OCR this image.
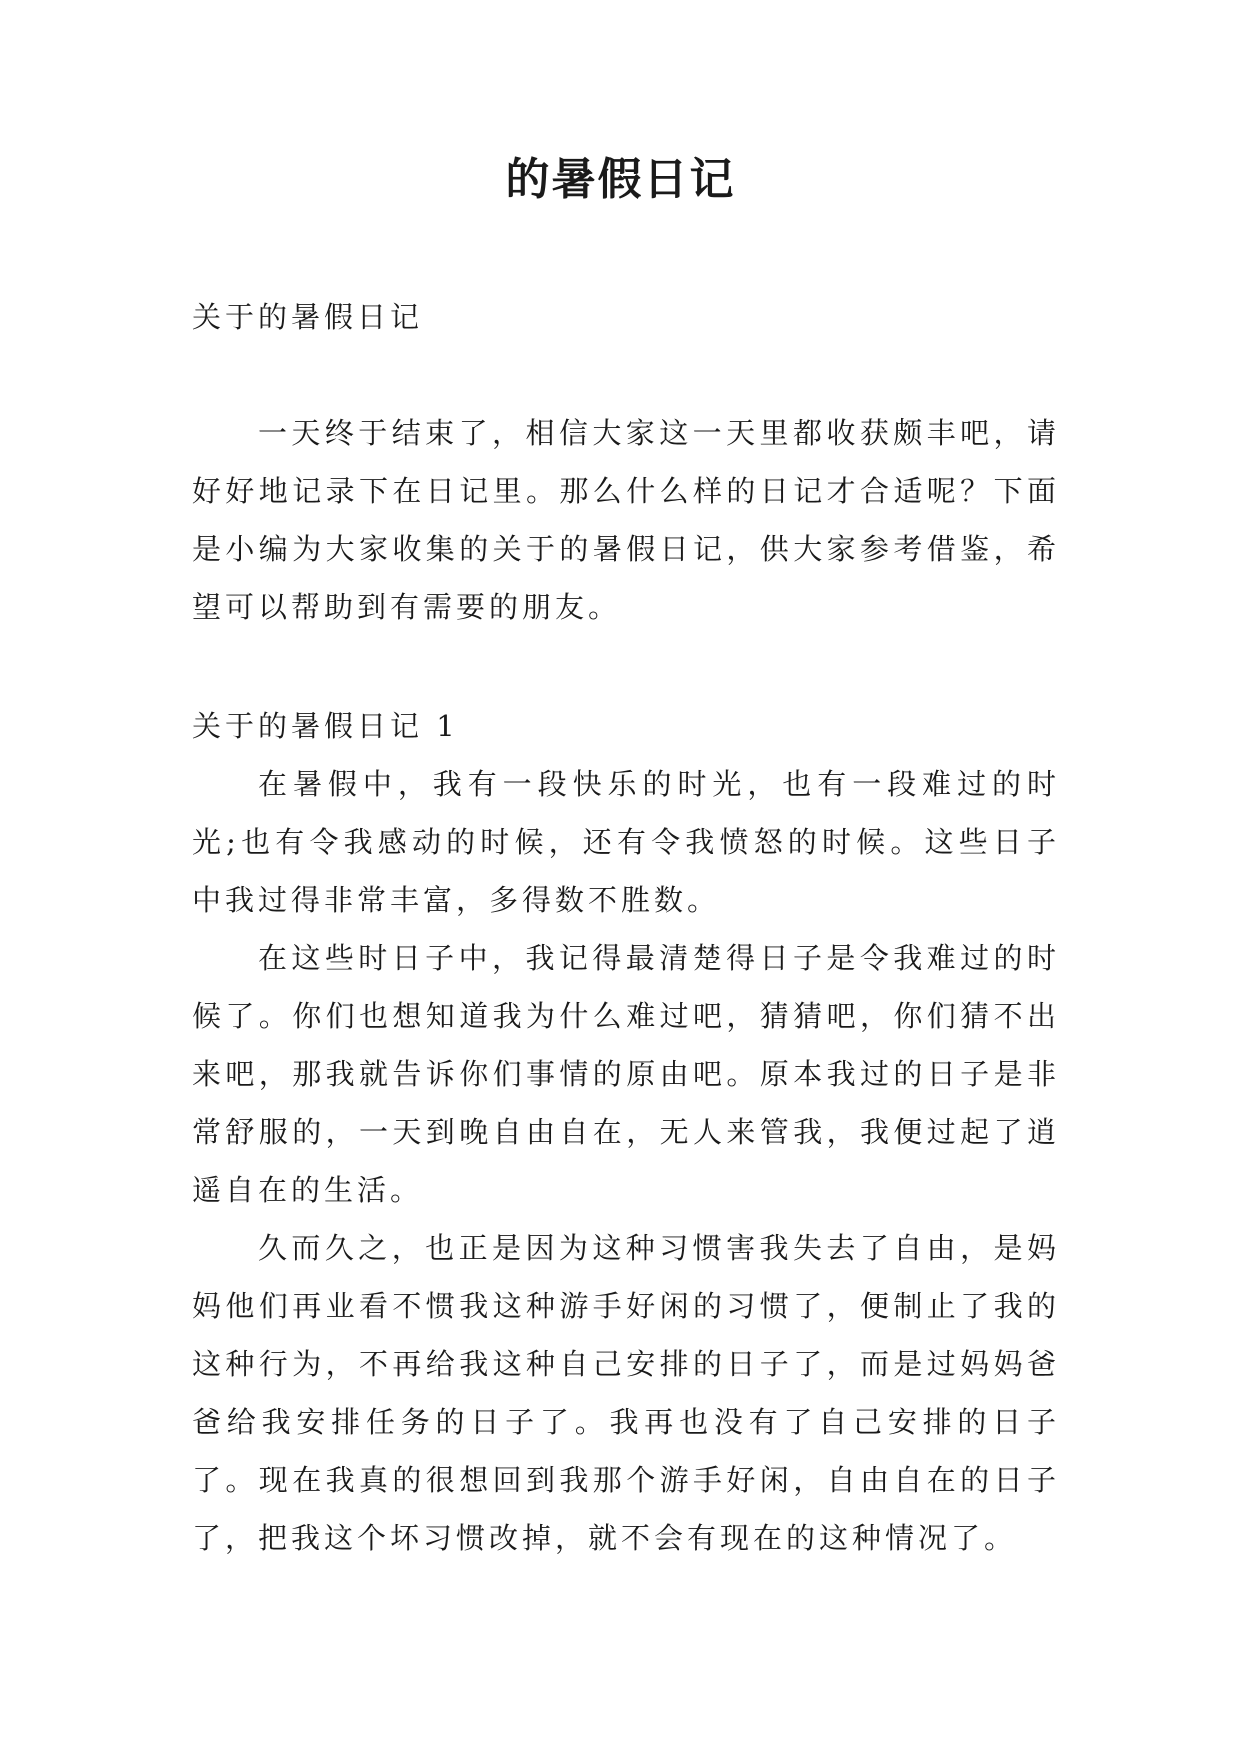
的暑假日记
关于的暑假日记

一天终于结束了，相信大家这一天里都收获颇丰吧，请好好地记录下在日记里。那么什么样的日记才合适呢？下面是小编为大家收集的关于的暑假日记，供大家参考借鉴，希望可以帮助到有需要的朋友。

关于的暑假日记 1

在暑假中，我有一段快乐的时光，也有一段难过的时光;也有令我感动的时候，还有令我愤怒的时候。这些日子中我过得非常丰富，多得数不胜数。

在这些时日子中，我记得最清楚得日子是令我难过的时候了。你们也想知道我为什么难过吧，猜猜吧，你们猜不出来吧，那我就告诉你们事情的原由吧。原本我过的日子是非常舒服的，一天到晚自由自在，无人来管我，我便过起了逍遥自在的生活。

久而久之，也正是因为这种习惯害我失去了自由，是妈妈他们再业看不惯我这种游手好闲的习惯了，便制止了我的这种行为，不再给我这种自己安排的日子了，而是过妈妈爸爸给我安排任务的日子了。我再也没有了自己安排的日子了。现在我真的很想回到我那个游手好闲，自由自在的日子了，把我这个坏习惯改掉，就不会有现在的这种情况了。
